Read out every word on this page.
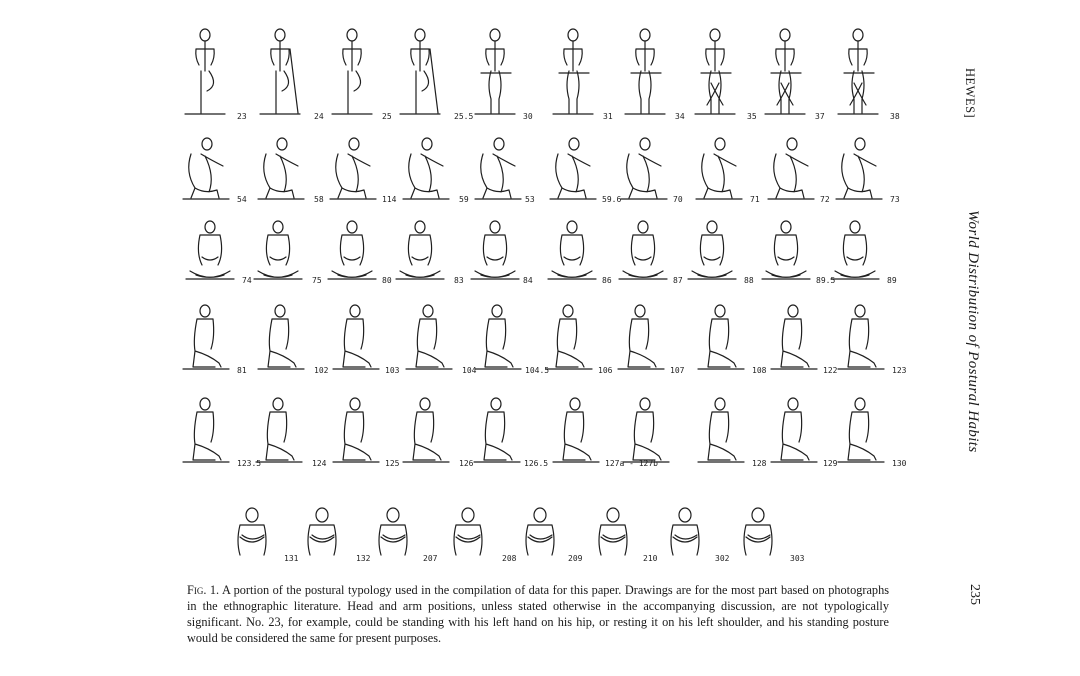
23	24	25	25.5	30	31	34	35	37	38
54	58	114	59	53	59.6	70	71	72	73
74	75	80	83	84	86	87	88	89.5	89
81	102	103	104	104.5	106	107	108	122	123
123.5	124	125	126	126.5	127a - 127b	128	129	130
131	132	207	208	209	210	302	303

Fig. 1. A portion of the postural typology used in the compilation of data for this paper. Drawings are for the most part based on photographs in the ethnographic literature. Head and arm positions, unless stated otherwise in the accompanying discussion, are not typologically significant. No. 23, for example, could be standing with his left hand on his hip, or resting it on his left shoulder, and his standing posture would be considered the same for present purposes.

HEWES]
World Distribution of Postural Habits
235
